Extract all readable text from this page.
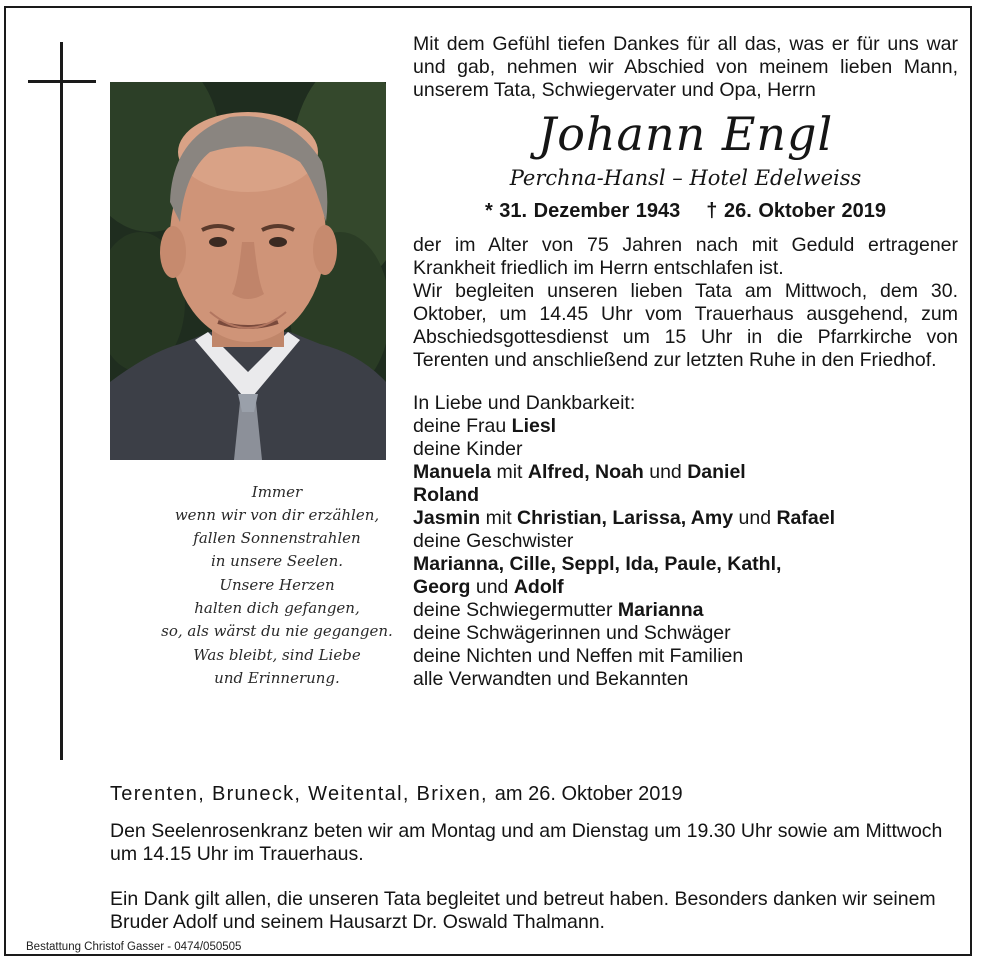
Immer
wenn wir von dir erzählen,
fallen Sonnenstrahlen
in unsere Seelen.
Unsere Herzen
halten dich gefangen,
so, als wärst du nie gegangen.
Was bleibt, sind Liebe
und Erinnerung.

Mit dem Gefühl tiefen Dankes für all das, was er für uns war und gab, nehmen wir Abschied von meinem lieben Mann, unserem Tata, Schwiegervater und Opa, Herrn

Johann Engl
Perchna-Hansl – Hotel Edelweiss
* 31. Dezember 1943 † 26. Oktober 2019

der im Alter von 75 Jahren nach mit Geduld ertragener Krankheit friedlich im Herrn entschlafen ist.

Wir begleiten unseren lieben Tata am Mittwoch, dem 30. Oktober, um 14.45 Uhr vom Trauerhaus ausgehend, zum Abschiedsgottesdienst um 15 Uhr in die Pfarrkirche von Terenten und anschließend zur letzten Ruhe in den Friedhof.

In Liebe und Dankbarkeit:
deine Frau Liesl
deine Kinder
Manuela mit Alfred, Noah und Daniel
Roland
Jasmin mit Christian, Larissa, Amy und Rafael
deine Geschwister
Marianna, Cille, Seppl, Ida, Paule, Kathl,
Georg und Adolf
deine Schwiegermutter Marianna
deine Schwägerinnen und Schwäger
deine Nichten und Neffen mit Familien
alle Verwandten und Bekannten
Terenten, Bruneck, Weitental, Brixen, am 26. Oktober 2019

Den Seelenrosenkranz beten wir am Montag und am Dienstag um 19.30 Uhr sowie am Mittwoch um 14.15 Uhr im Trauerhaus.

Ein Dank gilt allen, die unseren Tata begleitet und betreut haben. Besonders danken wir seinem Bruder Adolf und seinem Hausarzt Dr. Oswald Thalmann.

Bestattung Christof Gasser - 0474/050505
